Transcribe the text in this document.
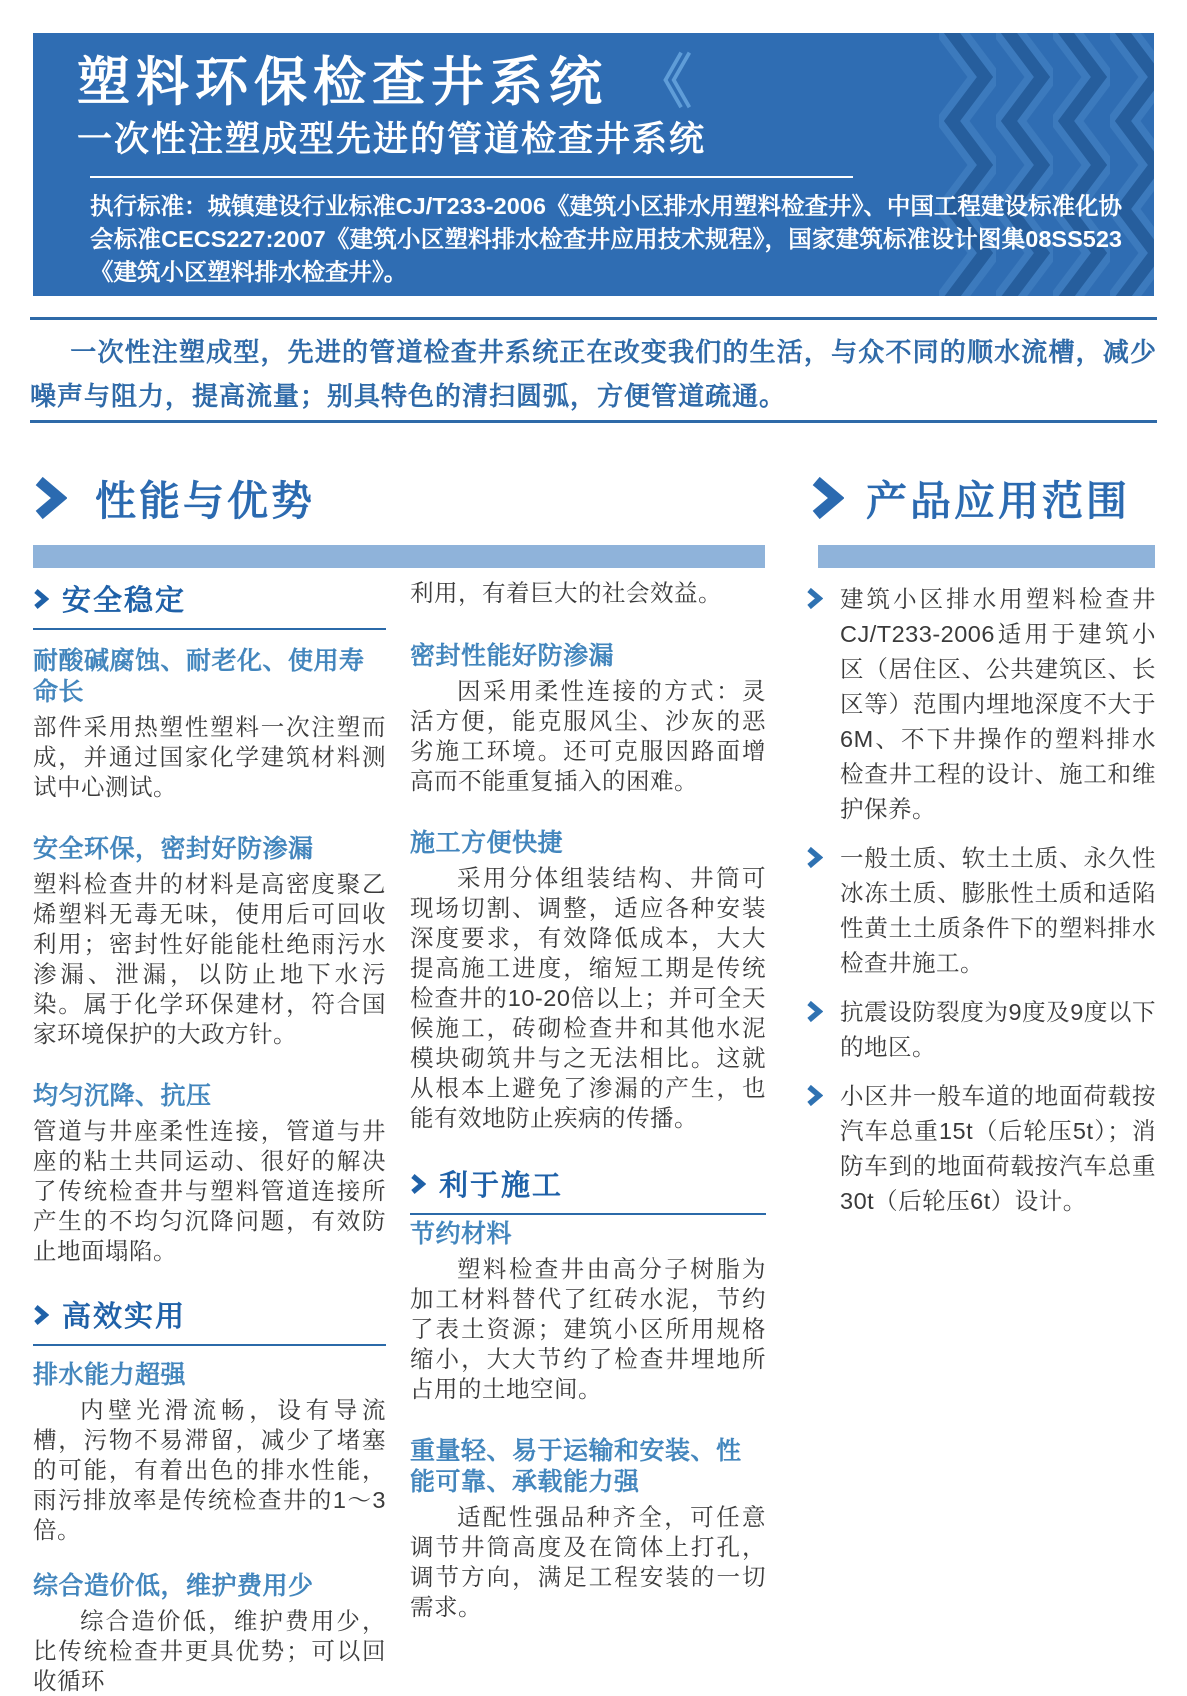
塑料环保检查井系统 《
一次性注塑成型先进的管道检查井系统

执行标准：城镇建设行业标准CJ/T233-2006《建筑小区排水用塑料检查井》、中国工程建设标准化协会标准CECS227:2007《建筑小区塑料排水检查井应用技术规程》，国家建筑标准设计图集08SS523《建筑小区塑料排水检查井》。

一次性注塑成型，先进的管道检查井系统正在改变我们的生活，与众不同的顺水流槽，减少噪声与阻力，提高流量；别具特色的清扫圆弧，方便管道疏通。

性能与优势	产品应用范围
安全稳定
耐酸碱腐蚀、耐老化、使用寿命长

部件采用热塑性塑料一次注塑而成，并通过国家化学建筑材料测试中心测试。

安全环保，密封好防渗漏

塑料检查井的材料是高密度聚乙烯塑料无毒无味，使用后可回收利用；密封性好能能杜绝雨污水渗漏、泄漏，以防止地下水污染。属于化学环保建材，符合国家环境保护的大政方针。

均匀沉降、抗压

管道与井座柔性连接，管道与井座的粘土共同运动、很好的解决了传统检查井与塑料管道连接所产生的不均匀沉降问题，有效防止地面塌陷。

高效实用
排水能力超强

内壁光滑流畅，设有导流槽，污物不易滞留，减少了堵塞的可能，有着出色的排水性能，雨污排放率是传统检查井的1～3倍。

综合造价低，维护费用少

综合造价低，维护费用少，比传统检查井更具优势；可以回收循环

利用，有着巨大的社会效益。

密封性能好防渗漏

因采用柔性连接的方式：灵活方便，能克服风尘、沙灰的恶劣施工环境。还可克服因路面增高而不能重复插入的困难。

施工方便快捷

采用分体组装结构、井筒可现场切割、调整，适应各种安装深度要求，有效降低成本，大大提高施工进度，缩短工期是传统检查井的10-20倍以上；并可全天候施工，砖砌检查井和其他水泥模块砌筑井与之无法相比。这就从根本上避免了渗漏的产生，也能有效地防止疾病的传播。

利于施工
节约材料

塑料检查井由高分子树脂为加工材料替代了红砖水泥，节约了表土资源；建筑小区所用规格缩小，大大节约了检查井埋地所占用的土地空间。

重量轻、易于运输和安装、性能可靠、承载能力强

适配性强品种齐全，可任意调节井筒高度及在筒体上打孔，调节方向，满足工程安装的一切需求。

建筑小区排水用塑料检查井CJ/T233-2006适用于建筑小区（居住区、公共建筑区、长区等）范围内埋地深度不大于6M、不下井操作的塑料排水检查井工程的设计、施工和维护保养。

一般土质、软土土质、永久性冰冻土质、膨胀性土质和适陷性黄土土质条件下的塑料排水检查井施工。

抗震设防裂度为9度及9度以下的地区。

小区井一般车道的地面荷载按汽车总重15t（后轮压5t）；消防车到的地面荷载按汽车总重30t（后轮压6t）设计。
